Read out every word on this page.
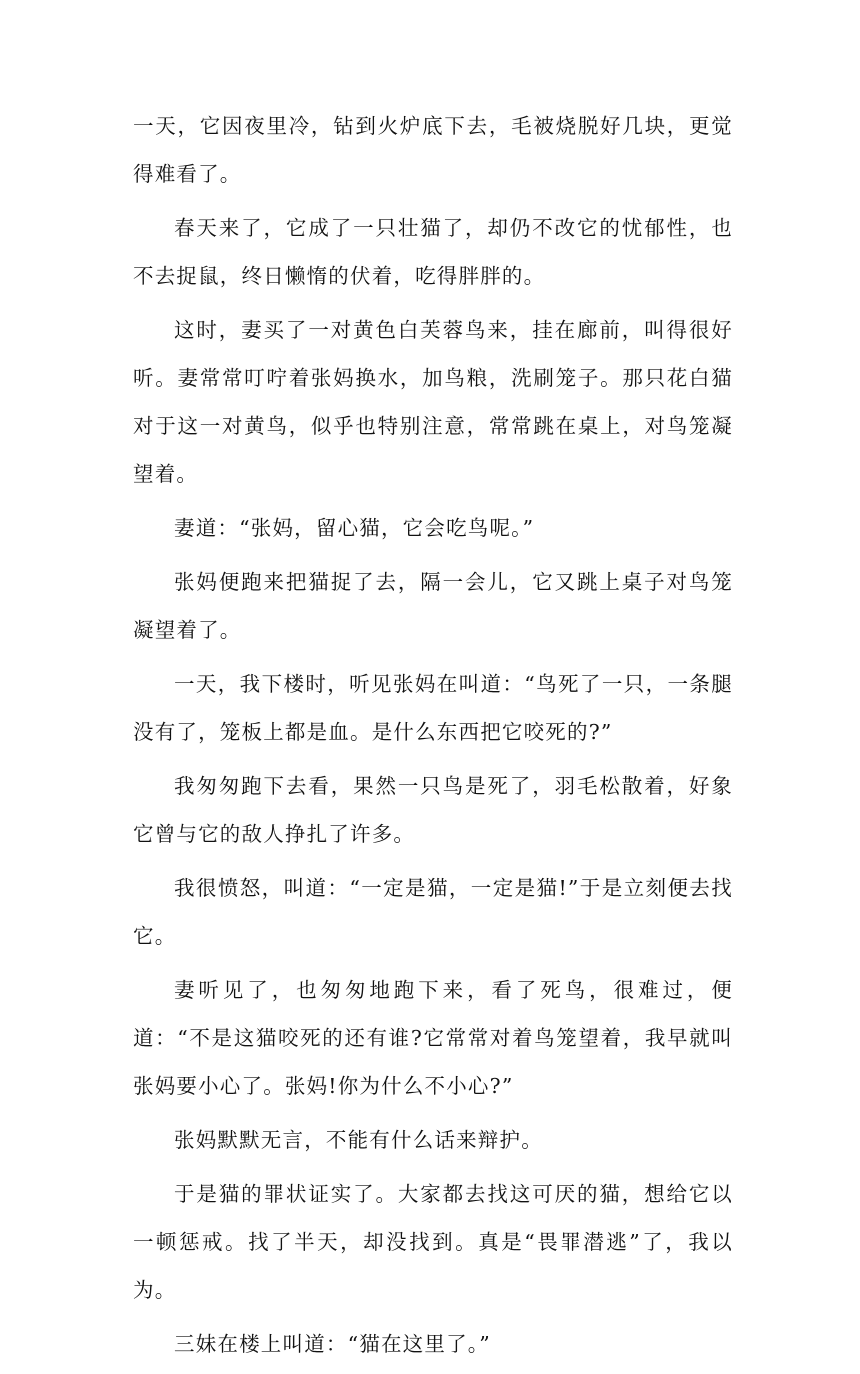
一天，它因夜里冷，钻到火炉底下去，毛被烧脱好几块，更觉得难看了。

春天来了，它成了一只壮猫了，却仍不改它的忧郁性，也不去捉鼠，终日懒惰的伏着，吃得胖胖的。

这时，妻买了一对黄色白芙蓉鸟来，挂在廊前，叫得很好听。妻常常叮咛着张妈换水，加鸟粮，洗刷笼子。那只花白猫对于这一对黄鸟，似乎也特别注意，常常跳在桌上，对鸟笼凝望着。

妻道：“张妈，留心猫，它会吃鸟呢。”

张妈便跑来把猫捉了去，隔一会儿，它又跳上桌子对鸟笼凝望着了。

一天，我下楼时，听见张妈在叫道：“鸟死了一只，一条腿没有了，笼板上都是血。是什么东西把它咬死的?”

我匆匆跑下去看，果然一只鸟是死了，羽毛松散着，好象它曾与它的敌人挣扎了许多。

我很愤怒，叫道：“一定是猫，一定是猫!”于是立刻便去找它。

妻听见了，也匆匆地跑下来，看了死鸟，很难过，便道：“不是这猫咬死的还有谁?它常常对着鸟笼望着，我早就叫张妈要小心了。张妈!你为什么不小心?”

张妈默默无言，不能有什么话来辩护。

于是猫的罪状证实了。大家都去找这可厌的猫，想给它以一顿惩戒。找了半天，却没找到。真是“畏罪潜逃”了，我以为。

三妹在楼上叫道：“猫在这里了。”
